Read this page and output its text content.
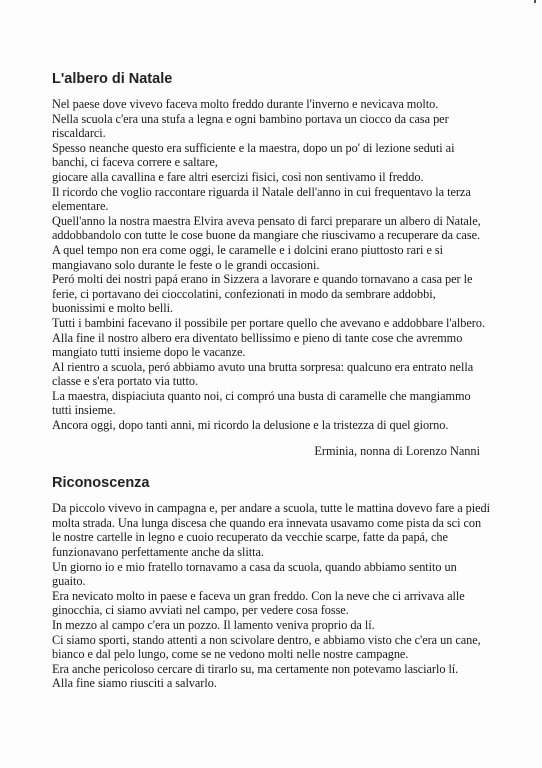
L'albero di Natale

Nel paese dove vivevo faceva molto freddo durante l'inverno e nevicava molto.

Nella scuola c'era una stufa a legna e ogni bambino portava un ciocco da casa per riscaldarci.

Spesso neanche questo era sufficiente e la maestra, dopo un po' di lezione seduti ai banchi, ci faceva correre e saltare,

giocare alla cavallina e fare altri esercizi fisici, così non sentivamo il freddo.

Il ricordo che voglio raccontare riguarda il Natale dell'anno in cui frequentavo la terza elementare.

Quell'anno la nostra maestra Elvira aveva pensato di farci preparare un albero di Natale, addobbandolo con tutte le cose buone da mangiare che riuscivamo a recuperare da case.

A quel tempo non era come oggi, le caramelle e i dolcini erano piuttosto rari e si mangiavano solo durante le feste o le grandi occasioni.

Peró molti dei nostri papá erano in Sizzera a lavorare e quando tornavano a casa per le ferie, ci portavano dei cioccolatini, confezionati in modo da sembrare addobbi, buonissimi e molto belli.

Tutti i bambini facevano il possibile per portare quello che avevano e addobbare l'albero.

Alla fine il nostro albero era diventato bellissimo e pieno di tante cose che avremmo mangiato tutti insieme dopo le vacanze.

Al rientro a scuola, peró abbiamo avuto una brutta sorpresa: qualcuno era entrato nella classe e s'era portato via tutto.

La maestra, dispiaciuta quanto noi, ci compró una busta di caramelle che mangiammo tutti insieme.

Ancora oggi, dopo tanti anni, mi ricordo la delusione e la tristezza di quel giorno.

Erminia, nonna di Lorenzo Nanni
Riconoscenza

Da piccolo vivevo in campagna e, per andare a scuola, tutte le mattina dovevo fare a piedi molta strada. Una lunga discesa che quando era innevata usavamo come pista da sci con le nostre cartelle in legno e cuoio recuperato da vecchie scarpe, fatte da papá, che funzionavano perfettamente anche da slitta.

Un giorno io e mio fratello tornavamo a casa da scuola, quando abbiamo sentito un guaito.

Era nevicato molto in paese e faceva un gran freddo. Con la neve che ci arrivava alle ginocchia, ci siamo avviati nel campo, per vedere cosa fosse.

In mezzo al campo c'era un pozzo. Il lamento veniva proprio da lí.

Ci siamo sporti, stando attenti a non scivolare dentro, e abbiamo visto che c'era un cane, bianco e dal pelo lungo, come se ne vedono molti nelle nostre campagne.

Era anche pericoloso cercare di tirarlo su, ma certamente non potevamo lasciarlo lí.

Alla fine siamo riusciti a salvarlo.
